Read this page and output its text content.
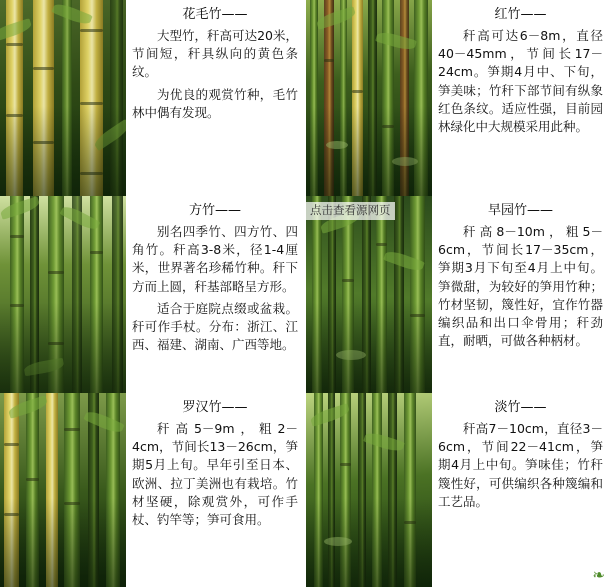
花毛竹——

大型竹，秆高可达20米，节间短，秆具纵向的黄色条纹。

为优良的观赏竹种，毛竹林中偶有发现。

红竹——

秆高可达6－8m，直径40－45mm，节间长17－24cm。笋期4月中、下旬，笋美味；竹秆下部节间有纵象红色条纹。适应性强，目前园林绿化中大规模采用此种。

方竹——

别名四季竹、四方竹、四角竹。秆高3-8米，径1-4厘米，世界著名珍稀竹种。秆下方而上圆，秆基部略呈方形。

适合于庭院点缀或盆栽。秆可作手杖。分布：浙江、江西、福建、湖南、广西等地。

点击查看源网页	早园竹——

秆高8－10m，粗5－6cm，节间长17－35cm，笋期3月下旬至4月上中旬。笋微甜，为较好的笋用竹种；竹材坚韧，篾性好，宜作竹器编织品和出口伞骨用；秆劲直，耐晒，可做各种柄材。

罗汉竹——

秆高5－9m，粗2－4cm，节间长13－26cm，笋期5月上旬。早年引至日本、欧洲、拉丁美洲也有栽培。竹材坚硬，除观赏外，可作手杖、钓竿等；笋可食用。

淡竹——

秆高7－10cm，直径3－6cm，节间22－41cm，笋期4月上中旬。笋味佳；竹秆篾性好，可供编织各种篾编和工艺品。

❧
